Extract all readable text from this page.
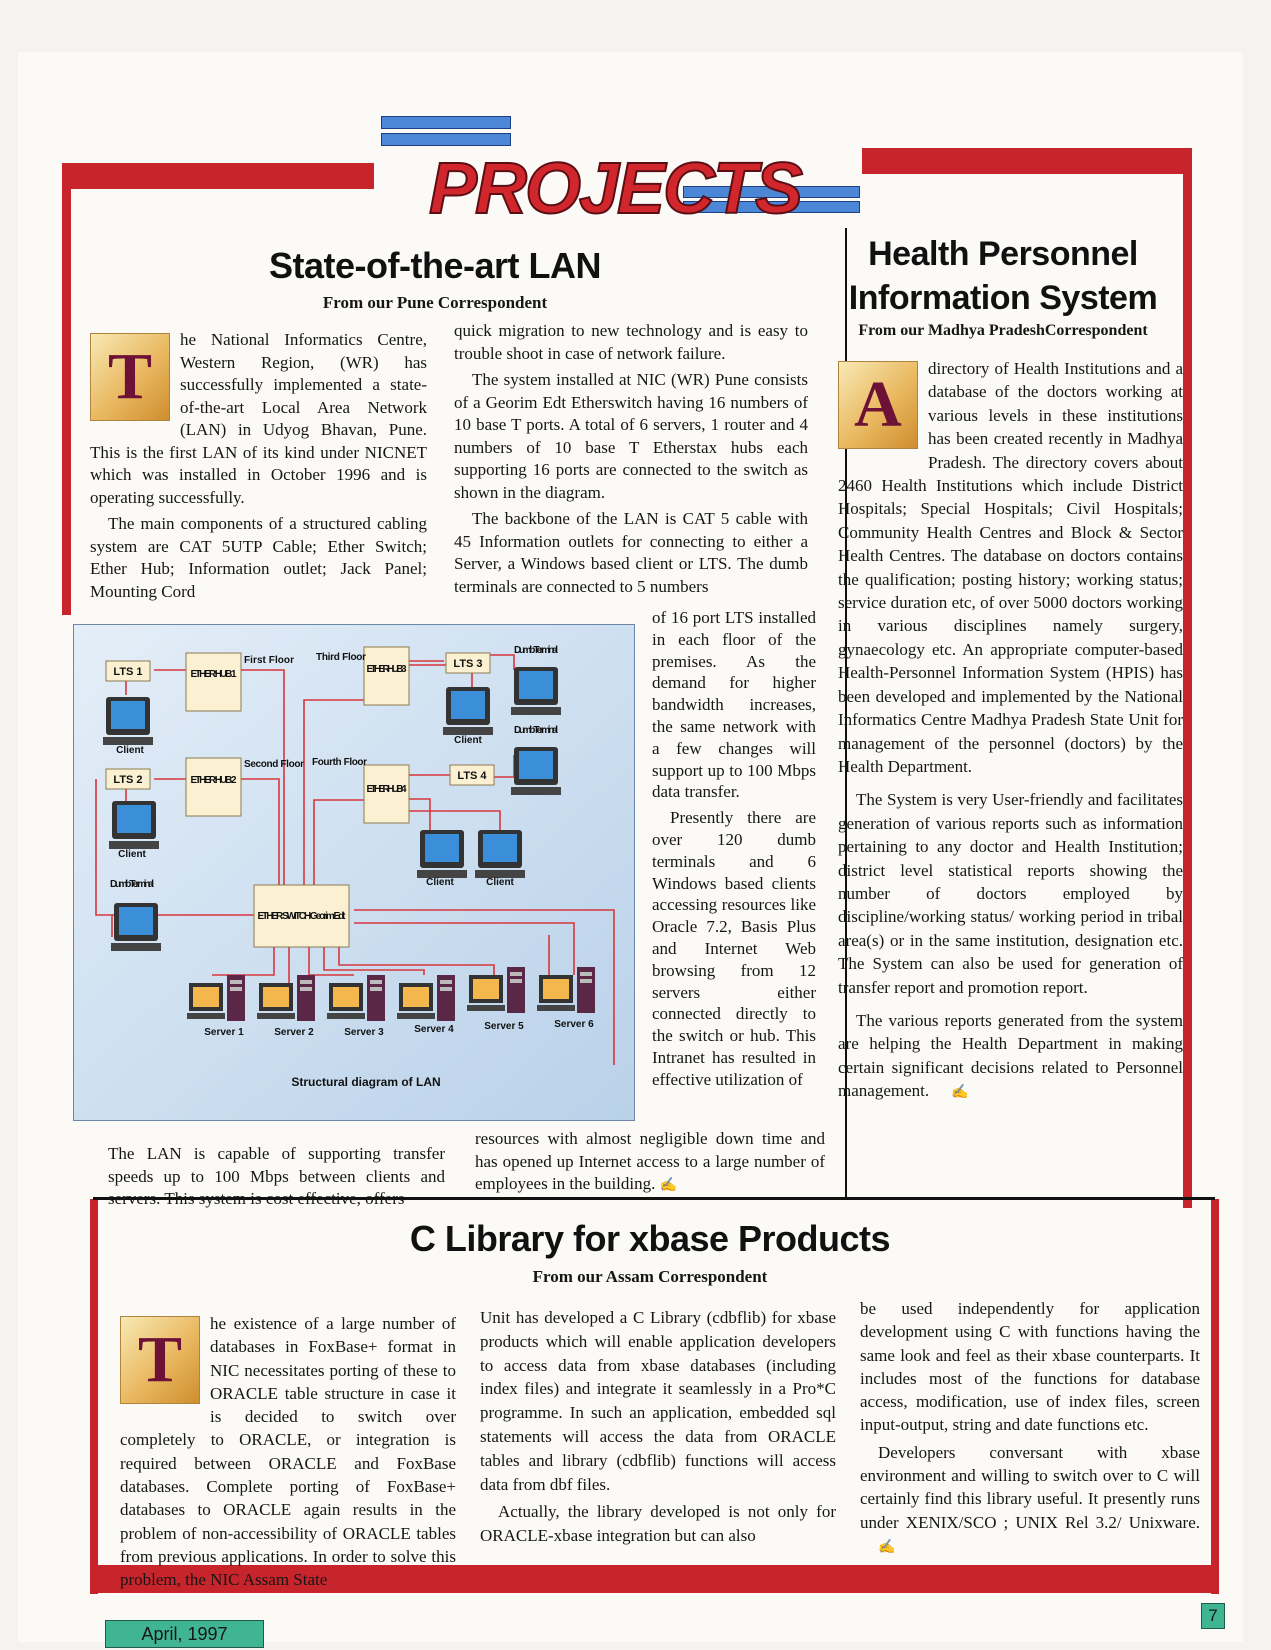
PROJECTS
State-of-the-art LAN
From our Pune Correspondent
T

he National Informatics Centre, Western Region, (WR) has successfully implemented a state-of-the-art Local Area Network (LAN) in Udyog Bhavan, Pune. This is the first LAN of its kind under NICNET which was installed in October 1996 and is operating successfully.

The main components of a structured cabling system are CAT 5UTP Cable; Ether Switch; Ether Hub; Information outlet; Jack Panel; Mounting Cord

quick migration to new technology and is easy to trouble shoot in case of network failure.

The system installed at NIC (WR) Pune consists of a Georim Edt Etherswitch having 16 numbers of 10 base T ports. A total of 6 servers, 1 router and 4 numbers of 10 base T Etherstax hubs each supporting 16 ports are connected to the switch as shown in the diagram.

The backbone of the LAN is CAT 5 cable with 45 Information outlets for connecting to either a Server, a Windows based client or LTS. The dumb terminals are connected to 5 numbers

of 16 port LTS installed in each floor of the premises. As the demand for higher bandwidth increases, the same network with a few changes will support up to 100 Mbps data transfer.

Presently there are over 120 dumb terminals and 6 Windows based clients accessing resources like Oracle 7.2, Basis Plus and Internet Web browsing from 12 servers either connected directly to the switch or hub. This Intranet has resulted in effective utilization of

resources with almost negligible down time and has opened up Internet access to a large number of employees in the building. ✍

The LAN is capable of supporting transfer speeds up to 100 Mbps between clients and servers. This system is cost effective, offers

LTS 1
LTS 2
LTS 3
LTS 4
ETHER HUB 1
ETHER HUB 2
ETHER HUB 3
ETHER HUB 4
ETHER SWITCH Georim Edt
First Floor
Second Floor
Third Floor
Fourth Floor
Client
Client
Dumb Terminal
Client
Dumb Terminal
Dumb Terminal
Client	Client
Server 1	Server 2	Server 3	Server 4	Server 5	Server 6
Structural diagram of LAN
Health Personnel Information System
From our Madhya PradeshCorrespondent
A	directory of Health Institutions and a database of the doctors working at various levels in these institutions has been created recently in Madhya Pradesh. The directory covers about 2460 Health Institutions which include District Hospitals; Special Hospitals; Civil Hospitals; Community Health Centres and Block & Sector Health Centres. The database on doctors contains the qualification; posting history; working status; service duration etc, of over 5000 doctors working in various disciplines namely surgery, gynaecology etc. An appropriate computer-based Health-Personnel Information System (HPIS) has been developed and implemented by the National Informatics Centre Madhya Pradesh State Unit for management of the personnel (doctors) by the Health Department.

The System is very User-friendly and facilitates generation of various reports such as information pertaining to any doctor and Health Institution; district level statistical reports showing the number of doctors employed by discipline/working status/ working period in tribal area(s) or in the same institution, designation etc. The System can also be used for generation of transfer report and promotion report.

The various reports generated from the system are helping the Health Department in making certain significant decisions related to Personnel management. ✍

C Library for xbase Products
From our Assam Correspondent
T	he existence of a large number of databases in FoxBase+ format in NIC necessitates porting of these to ORACLE table structure in case it is decided to switch over completely to ORACLE, or integration is required between ORACLE and FoxBase databases. Complete porting of FoxBase+ databases to ORACLE again results in the problem of non-accessibility of ORACLE tables from previous applications. In order to solve this problem, the NIC Assam State

Unit has developed a C Library (cdbflib) for xbase products which will enable application developers to access data from xbase databases (including index files) and integrate it seamlessly in a Pro*C programme. In such an application, embedded sql statements will access the data from ORACLE tables and library (cdbflib) functions will access data from dbf files.

Actually, the library developed is not only for ORACLE-xbase integration but can also

be used independently for application development using C with functions having the same look and feel as their xbase counterparts. It includes most of the functions for database access, modification, use of index files, screen input-output, string and date functions etc.

Developers conversant with xbase environment and willing to switch over to C will certainly find this library useful. It presently runs under XENIX/SCO ; UNIX Rel 3.2/ Unixware. ✍

April, 1997
7
